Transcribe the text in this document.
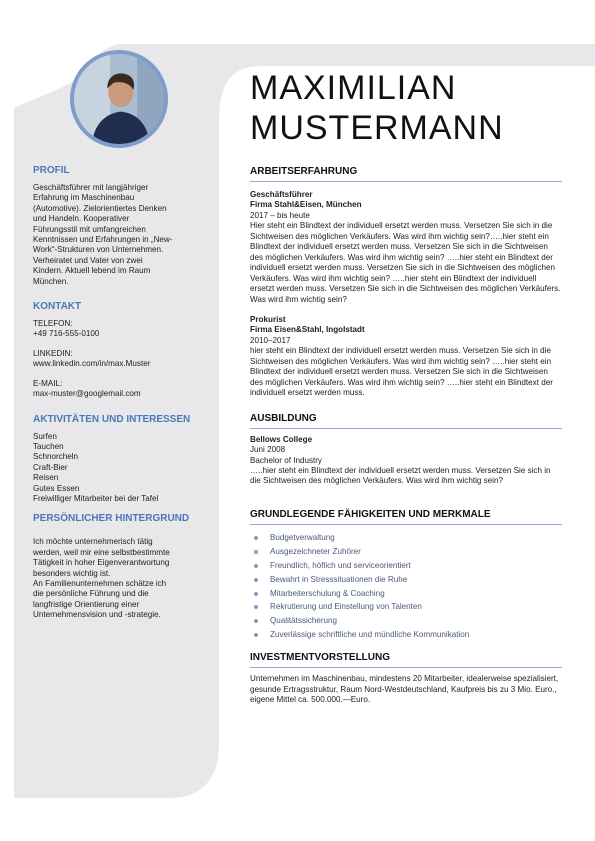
PROFIL

Geschäftsführer mit langjähriger
Erfahrung im Maschinenbau
(Automotive). Zielorientiertes Denken
und Handeln. Kooperativer
Führungsstil mit umfangreichen
Kenntnissen und Erfahrungen in „New-
Work“-Strukturen von Unternehmen.
Verheiratet und Vater von zwei
Kindern. Aktuell lebend im Raum
München.

KONTAKT
TELEFON:
+49 716-555-0100
LINKEDIN:
www.linkedin.com/in/max.Muster
E-MAIL:
max-muster@googlemail.com
AKTIVITÄTEN UND INTERESSEN
Surfen
Tauchen
Schnorcheln
Craft-Bier
Reisen
Gutes Essen
Freiwilliger Mitarbeiter bei der Tafel
PERSÖNLICHER HINTERGRUND

Ich möchte unternehmerisch tätig
werden, weil mir eine selbstbestimmte
Tätigkeit in hoher Eigenverantwortung
besonders wichtig ist.
An Familienunternehmen schätze ich
die persönliche Führung und die
langfristige Orientierung einer
Unternehmensvision und -strategie.

MAXIMILIAN
MUSTERMANN
ARBEITSERFAHRUNG
Geschäftsführer
Firma Stahl&Eisen, München
2017 – bis heute

Hier steht ein Blindtext der individuell ersetzt werden muss. Versetzen Sie sich in die Sichtweisen des möglichen Verkäufers. Was wird ihm wichtig sein?…..hier steht ein Blindtext der individuell ersetzt werden muss. Versetzen Sie sich in die Sichtweisen des möglichen Verkäufers. Was wird ihm wichtig sein? …..hier steht ein Blindtext der individuell ersetzt werden muss. Versetzen Sie sich in die Sichtweisen des möglichen Verkäufers. Was wird ihm wichtig sein? …..hier steht ein Blindtext der individuell ersetzt werden muss. Versetzen Sie sich in die Sichtweisen des möglichen Verkäufers. Was wird ihm wichtig sein?

Prokurist
Firma Eisen&Stahl, Ingolstadt
2010–2017

hier steht ein Blindtext der individuell ersetzt werden muss. Versetzen Sie sich in die Sichtweisen des möglichen Verkäufers. Was wird ihm wichtig sein? …..hier steht ein Blindtext der individuell ersetzt werden muss. Versetzen Sie sich in die Sichtweisen des möglichen Verkäufers. Was wird ihm wichtig sein? …..hier steht ein Blindtext der individuell ersetzt werden muss.

AUSBILDUNG
Bellows College
Juni 2008
Bachelor of Industry

…..hier steht ein Blindtext der individuell ersetzt werden muss. Versetzen Sie sich in die Sichtweisen des möglichen Verkäufers. Was wird ihm wichtig sein?

GRUNDLEGENDE FÄHIGKEITEN UND MERKMALE
Budgetverwaltung
Ausgezeichneter Zuhörer
Freundlich, höflich und serviceorientiert
Bewahrt in Stresssituationen die Ruhe
Mitarbeiterschulung & Coaching
Rekrutierung und Einstellung von Talenten
Qualitätssicherung
Zuverlässige schriftliche und mündliche Kommunikation
INVESTMENTVORSTELLUNG

Unternehmen im Maschinenbau, mindestens 20 Mitarbeiter, idealerweise spezialisiert, gesunde Ertragsstruktur, Raum Nord-Westdeutschland, Kaufpreis bis zu 3 Mio. Euro., eigene Mittel ca. 500.000.—Euro.
